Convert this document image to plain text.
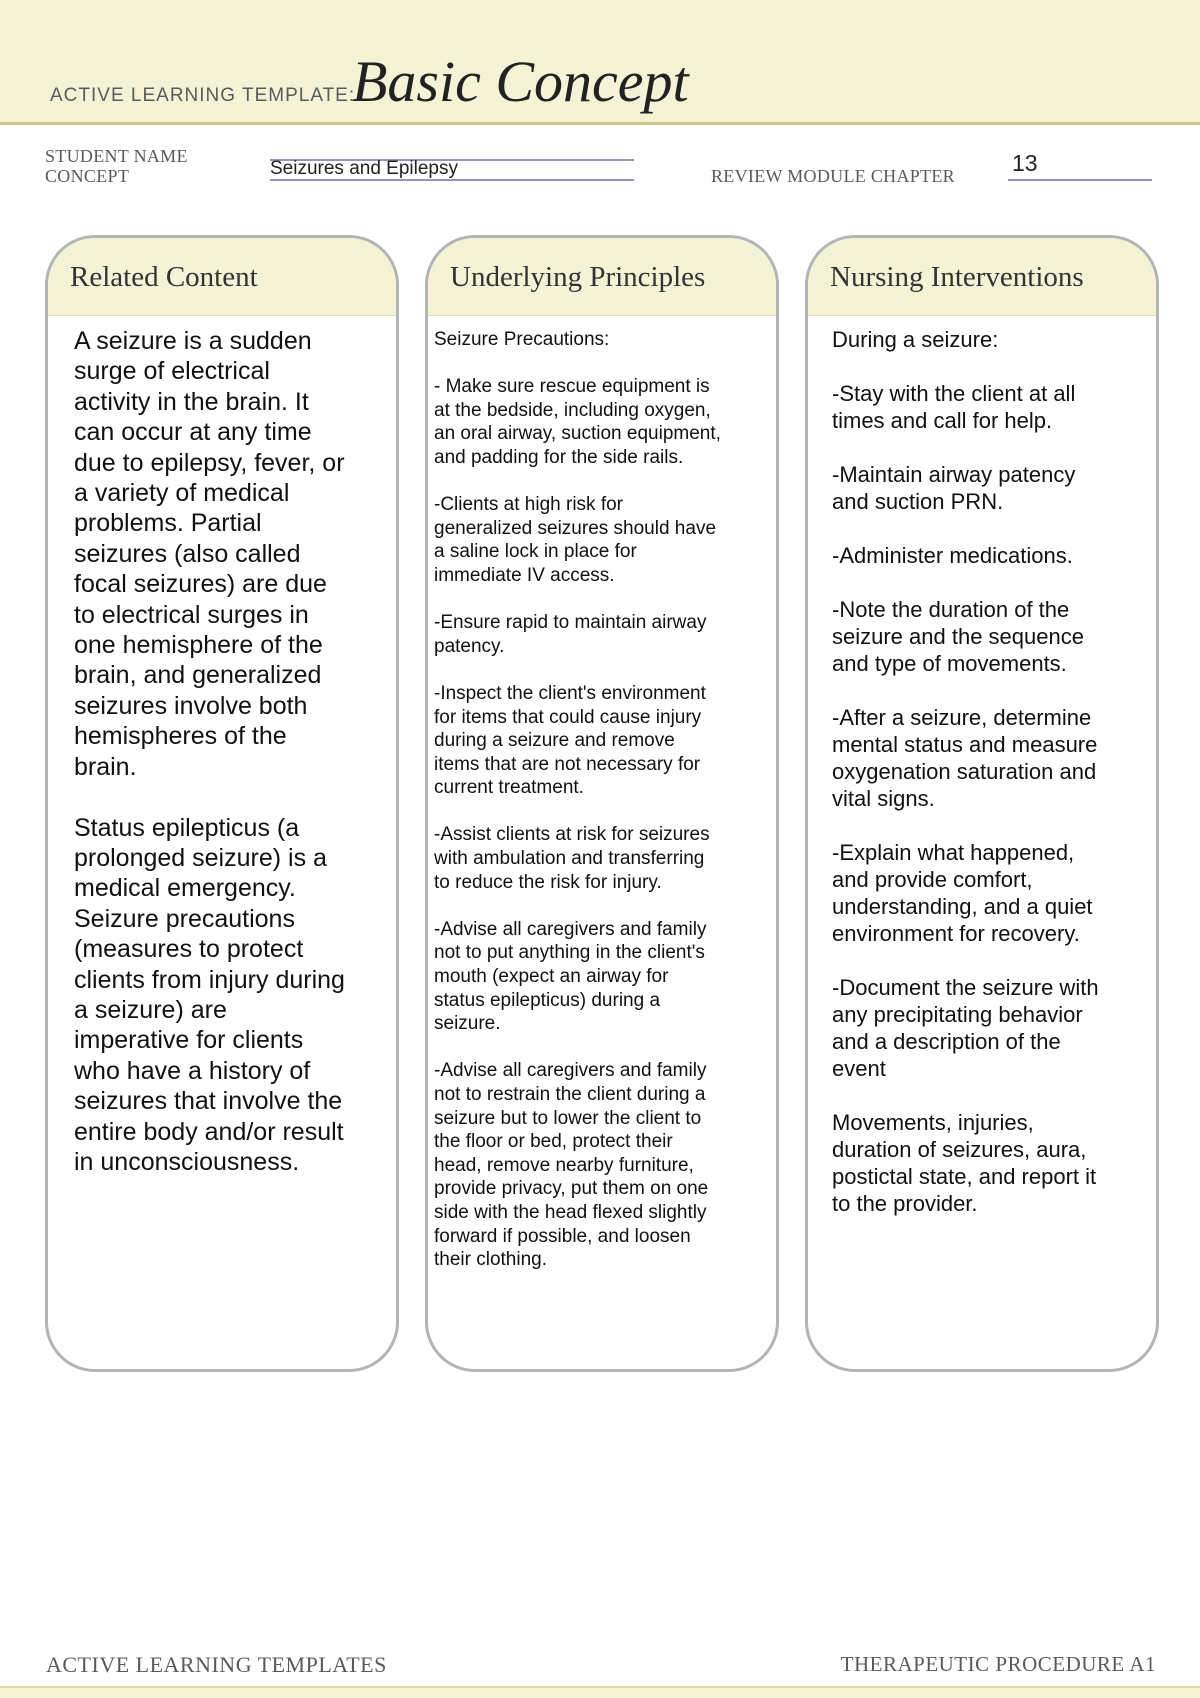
ACTIVE LEARNING TEMPLATE:
Basic Concept
STUDENT NAME
CONCEPT	Seizures and Epilepsy	REVIEW MODULE CHAPTER 13
Related Content

A seizure is a sudden
surge of electrical
activity in the brain. It
can occur at any time
due to epilepsy, fever, or
a variety of medical
problems. Partial
seizures (also called
focal seizures) are due
to electrical surges in
one hemisphere of the
brain, and generalized
seizures involve both
hemispheres of the
brain.

Status epilepticus (a
prolonged seizure) is a
medical emergency.
Seizure precautions
(measures to protect
clients from injury during
a seizure) are
imperative for clients
who have a history of
seizures that involve the
entire body and/or result
in unconsciousness.

Underlying Principles

Seizure Precautions:

- Make sure rescue equipment is
at the bedside, including oxygen,
an oral airway, suction equipment,
and padding for the side rails.

-Clients at high risk for
generalized seizures should have
a saline lock in place for
immediate IV access.

-Ensure rapid to maintain airway
patency.

-Inspect the client's environment
for items that could cause injury
during a seizure and remove
items that are not necessary for
current treatment.

-Assist clients at risk for seizures
with ambulation and transferring
to reduce the risk for injury.

-Advise all caregivers and family
not to put anything in the client's
mouth (expect an airway for
status epilepticus) during a
seizure.

-Advise all caregivers and family
not to restrain the client during a
seizure but to lower the client to
the floor or bed, protect their
head, remove nearby furniture,
provide privacy, put them on one
side with the head flexed slightly
forward if possible, and loosen
their clothing.

Nursing Interventions

During a seizure:

-Stay with the client at all
times and call for help.

-Maintain airway patency
and suction PRN.

-Administer medications.

-Note the duration of the
seizure and the sequence
and type of movements.

-After a seizure, determine
mental status and measure
oxygenation saturation and
vital signs.

-Explain what happened,
and provide comfort,
understanding, and a quiet
environment for recovery.

-Document the seizure with
any precipitating behavior
and a description of the
event

Movements, injuries,
duration of seizures, aura,
postictal state, and report it
to the provider.

ACTIVE LEARNING TEMPLATES	THERAPEUTIC PROCEDURE A1
